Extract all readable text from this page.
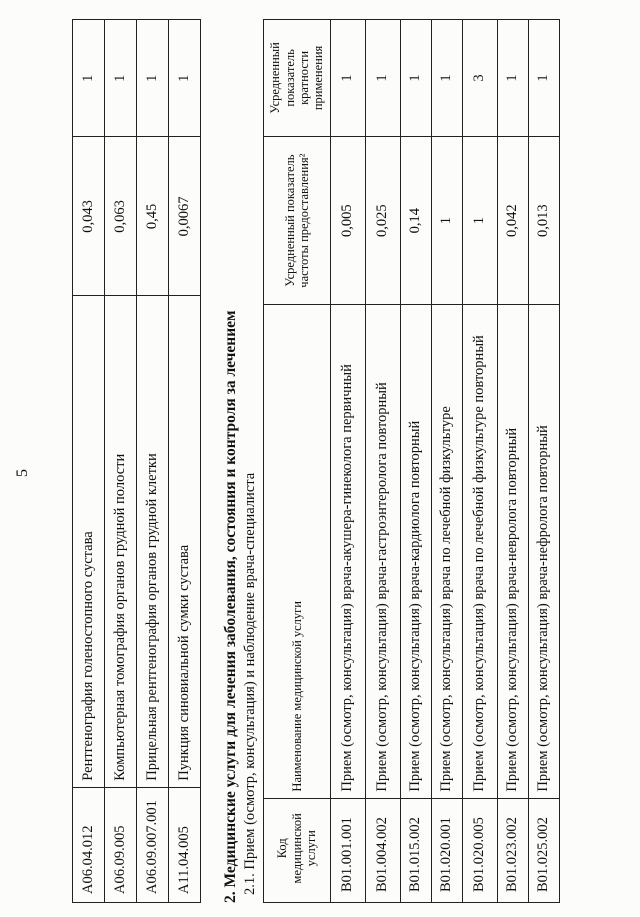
5
A06.04.012	Рентгенография голеностопного сустава	0,043	1
A06.09.005	Компьютерная томография органов грудной полости	0,063	1
A06.09.007.001	Прицельная рентгенография органов грудной клетки	0,45	1
A11.04.005	Пункция синовиальной сумки сустава	0,0067	1
2. Медицинские услуги для лечения заболевания, состояния и контроля за лечением 2.1. Прием (осмотр, консультация) и наблюдение врача-специалиста Код медицинской услуги	Наименование медицинской услуги	Усредненный показатель частоты предоставления²	Усредненный показатель кратности применения
B01.001.001	Прием (осмотр, консультация) врача-акушера-гинеколога первичный	0,005	1
B01.004.002	Прием (осмотр, консультация) врача-гастроэнтеролога повторный	0,025	1
B01.015.002	Прием (осмотр, консультация) врача-кардиолога повторный	0,14	1
B01.020.001	Прием (осмотр, консультация) врача по лечебной физкультуре	1	1
B01.020.005	Прием (осмотр, консультация) врача по лечебной физкультуре повторный	1	3
B01.023.002	Прием (осмотр, консультация) врача-невролога повторный	0,042	1
B01.025.002	Прием (осмотр, консультация) врача-нефролога повторный	0,013	1
